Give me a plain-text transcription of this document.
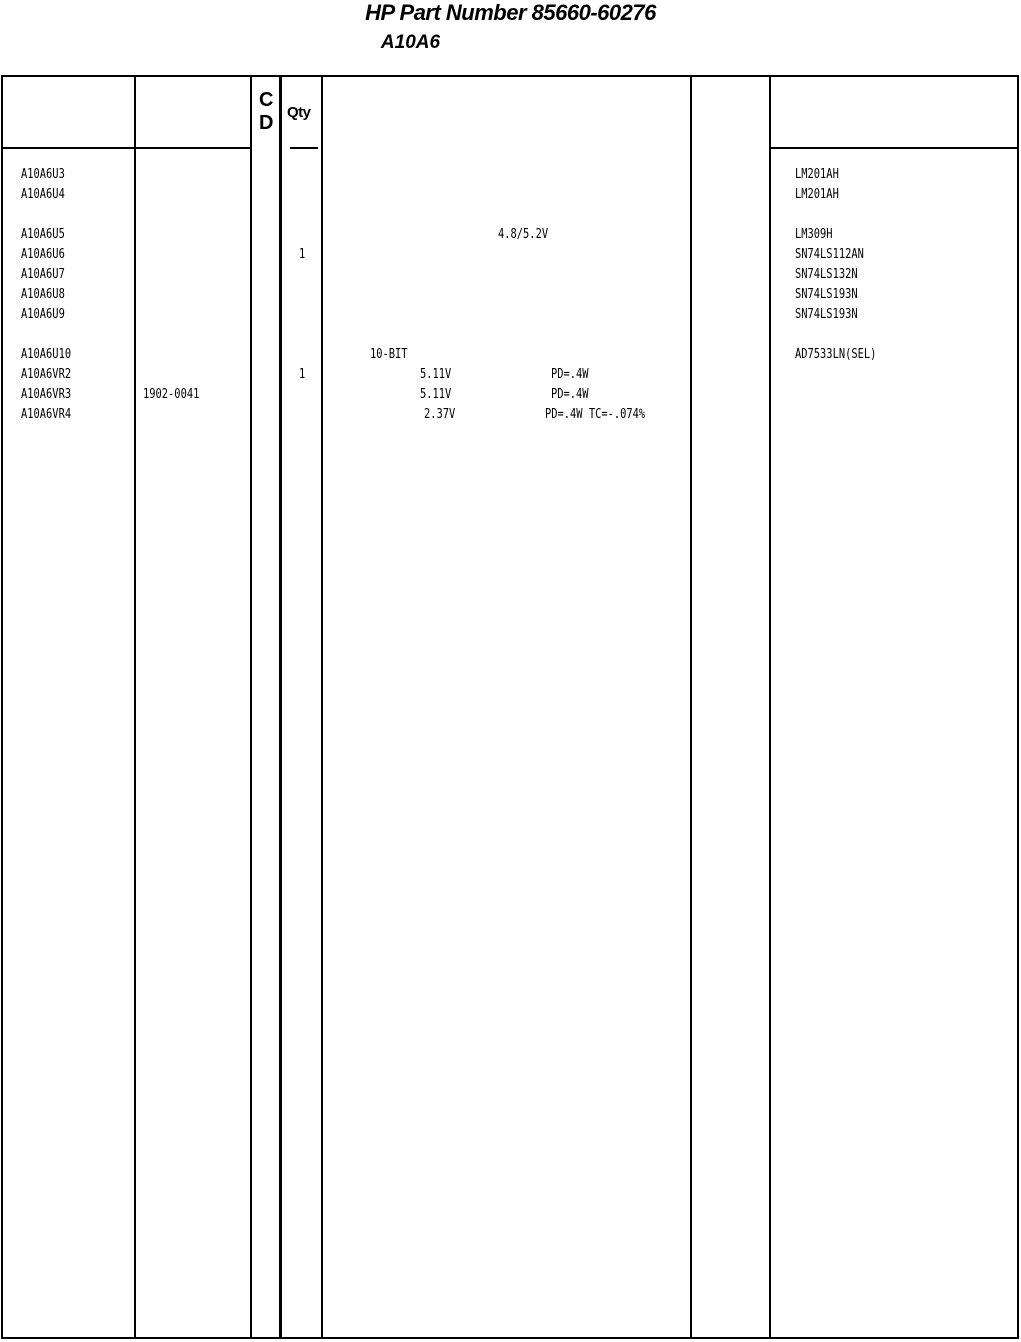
HP Part Number 85660-60276
A10A6
C
D Qty
A10A6U3	LM201AH
A10A6U4	LM201AH
A10A6U5	4.8/5.2V	LM309H
A10A6U6	1	SN74LS112AN
A10A6U7	SN74LS132N
A10A6U8	SN74LS193N
A10A6U9	SN74LS193N
A10A6U10	10-BIT	AD7533LN(SEL)
A10A6VR2	1	5.11V	PD=.4W
A10A6VR3	1902-0041	5.11V	PD=.4W
A10A6VR4	2.37V	PD=.4W TC=-.074%
